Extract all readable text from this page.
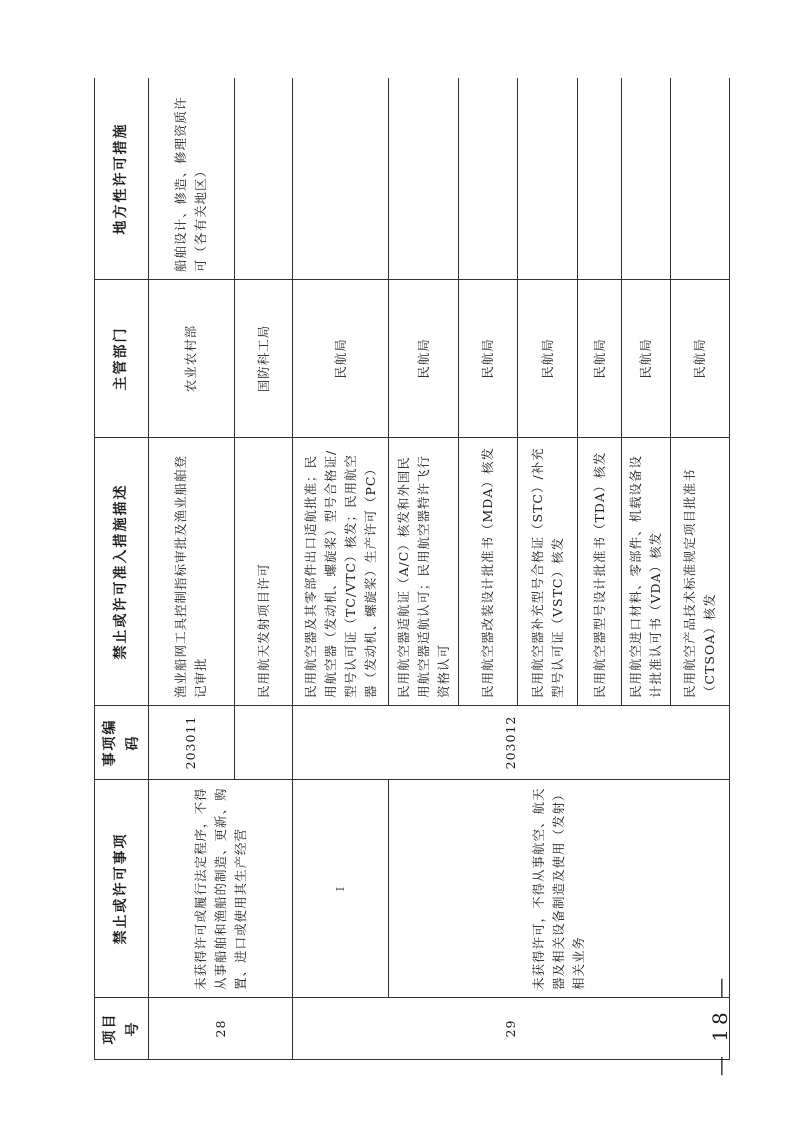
项目号	禁止或许可事项	事项编码	禁止或许可准入措施描述	主管部门	地方性许可措施
28	未获得许可或履行法定程序，不得从事船舶和渔船的制造、更新、购置、进口或使用其生产经营	203011	渔业船网工具控制指标审批及渔业船舶登记审批	农业农村部	船舶设计、修造、修理资质许可（各有关地区）
			民用航天发射项目许可	国防科工局	
29	I	203012	民用航空器及其零部件出口适航批准；民用航空器（发动机、螺旋桨）型号合格证/型号认可证（TC/VTC）核发；民用航空器（发动机、螺旋桨）生产许可（PC）	民航局	
	未获得许可，不得从事航空、航天器及相关设备制造及使用（发射）相关业务		民用航空器适航证（A/C）核发和外国民用航空器适航认可；民用航空器特许飞行资格认可	民航局	
			民用航空器改装设计批准书（MDA）核发	民航局	
			民用航空器补充型号合格证（STC）/补充型号认可证（VSTC）核发	民航局	
			民用航空器型号设计批准书（TDA）核发	民航局	
			民用航空进口材料、零部件、机载设备设计批准认可书（VDA）核发	民航局	
			民用航空产品技术标准规定项目批准书（CTSOA）核发	民航局	
— 18 —
